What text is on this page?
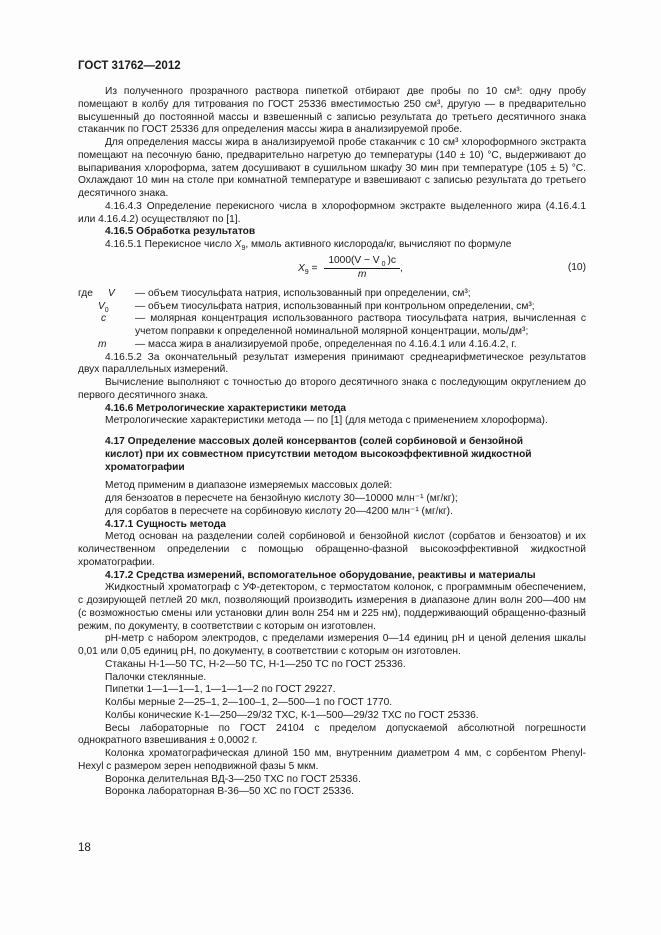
ГОСТ 31762—2012

Из полученного прозрачного раствора пипеткой отбирают две пробы по 10 см³: одну пробу помещают в колбу для титрования по ГОСТ 25336 вместимостью 250 см³, другую — в предварительно высушенный до постоянной массы и взвешенный с записью результата до третьего десятичного знака стаканчик по ГОСТ 25336 для определения массы жира в анализируемой пробе.

Для определения массы жира в анализируемой пробе стаканчик с 10 см³ хлороформного экстракта помещают на песочную баню, предварительно нагретую до температуры (140 ± 10) °С, выдерживают до выпаривания хлороформа, затем досушивают в сушильном шкафу 30 мин при температуре (105 ± 5) °С. Охлаждают 10 мин на столе при комнатной температуре и взвешивают с записью результата до третьего десятичного знака.

4.16.4.3 Определение перекисного числа в хлороформном экстракте выделенного жира (4.16.4.1 или 4.16.4.2) осуществляют по [1].

4.16.5 Обработка результатов

4.16.5.1 Перекисное число $X_9$, ммоль активного кислорода/кг, вычисляют по формуле

$X_9 = \frac{1000(V - V _0 )c}{m}$ ,	(10)

где V — объем тиосульфата натрия, использованный при определении, см³;

$V_0$	— объем тиосульфата натрия, использованный при контрольном определении, см³;

c	— молярная концентрация использованного раствора тиосульфата натрия, вычисленная с учетом поправки к определенной номинальной молярной концентрации, моль/дм³;

m	— масса жира в анализируемой пробе, определенная по 4.16.4.1 или 4.16.4.2, г.

4.16.5.2 За окончательный результат измерения принимают среднеарифметическое результатов двух параллельных измерений.

Вычисление выполняют с точностью до второго десятичного знака с последующим округлением до первого десятичного знака.

4.16.6 Метрологические характеристики метода

Метрологические характеристики метода — по [1] (для метода с применением хлороформа).

4.17 Определение массовых долей консервантов (солей сорбиновой и бензойной кислот) при их совместном присутствии методом высокоэффективной жидкостной хроматографии

Метод применим в диапазоне измеряемых массовых долей:

для бензоатов в пересчете на бензойную кислоту 30—10000 млн⁻¹ (мг/кг);

для сорбатов в пересчете на сорбиновую кислоту 20—4200 млн⁻¹ (мг/кг).

4.17.1 Сущность метода

Метод основан на разделении солей сорбиновой и бензойной кислот (сорбатов и бензоатов) и их количественном определении с помощью обращенно-фазной высокоэффективной жидкостной хроматографии.

4.17.2 Средства измерений, вспомогательное оборудование, реактивы и материалы

Жидкостный хроматограф с УФ-детектором, с термостатом колонок, с программным обеспечением, с дозирующей петлей 20 мкл, позволяющий производить измерения в диапазоне длин волн 200—400 нм (с возможностью смены или установки длин волн 254 нм и 225 нм), поддерживающий обращенно-фазный режим, по документу, в соответствии с которым он изготовлен.

рН-метр с набором электродов, с пределами измерения 0—14 единиц рН и ценой деления шкалы 0,01 или 0,05 единиц рН, по документу, в соответствии с которым он изготовлен.

Стаканы Н-1—50 ТС, Н-2—50 ТС, Н-1—250 ТС по ГОСТ 25336.

Палочки стеклянные.

Пипетки 1—1—1—1, 1—1—1—2 по ГОСТ 29227.

Колбы мерные 2—25–1, 2—100–1, 2—500—1 по ГОСТ 1770.

Колбы конические К-1—250—29/32 ТХС, К-1—500—29/32 ТХС по ГОСТ 25336.

Весы лабораторные по ГОСТ 24104 с пределом допускаемой абсолютной погрешности однократного взвешивания ± 0,0002 г.

Колонка хроматографическая длиной 150 мм, внутренним диаметром 4 мм, с сорбентом Phenyl-Hexyl с размером зерен неподвижной фазы 5 мкм.

Воронка делительная ВД-3—250 ТХС по ГОСТ 25336.

Воронка лабораторная В-36—50 ХС по ГОСТ 25336.

18
